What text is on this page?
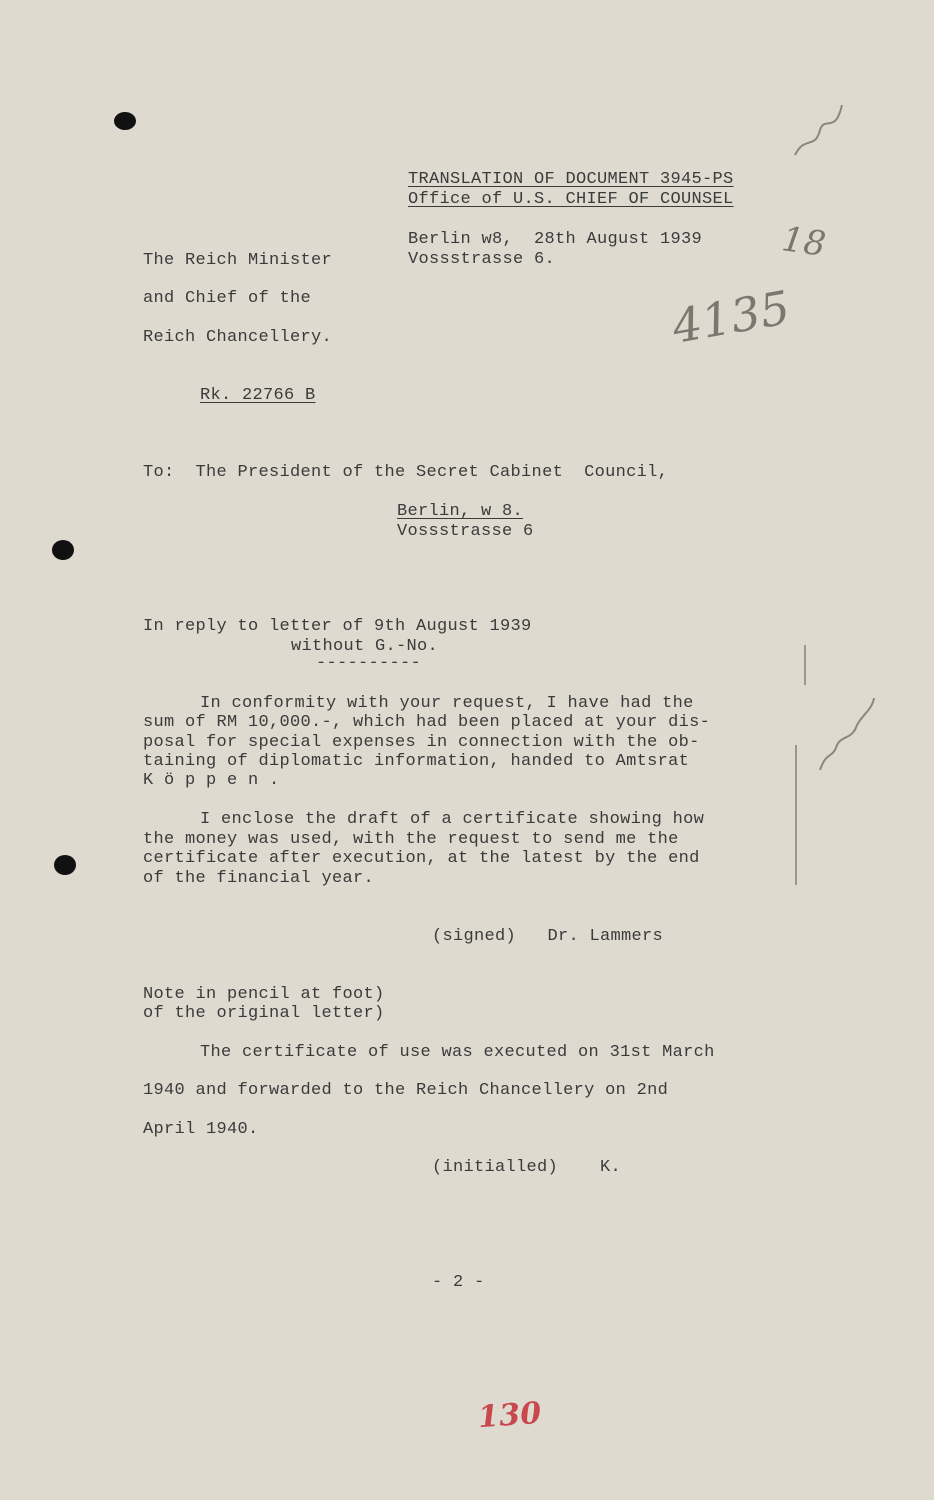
TRANSLATION OF DOCUMENT 3945-PS
Office of U.S. CHIEF OF COUNSEL
Berlin w8,  28th August 1939
Vossstrasse 6.
The Reich Minister
and Chief of the
Reich Chancellery.
Rk. 22766 B
To:  The President of the Secret Cabinet  Council,
Berlin, w 8.
Vossstrasse 6
In reply to letter of 9th August 1939
without G.-No.
----------
In conformity with your request, I have had the
sum of RM 10,000.-, which had been placed at your dis-
posal for special expenses in connection with the ob-
taining of diplomatic information, handed to Amtsrat
K ö p p e n .
I enclose the draft of a certificate showing how
the money was used, with the request to send me the
certificate after execution, at the latest by the end
of the financial year.
(signed)   Dr. Lammers
Note in pencil at foot)
of the original letter)
The certificate of use was executed on 31st March
1940 and forwarded to the Reich Chancellery on 2nd
April 1940.
(initialled)    K.
- 2 -
18
4135
130
